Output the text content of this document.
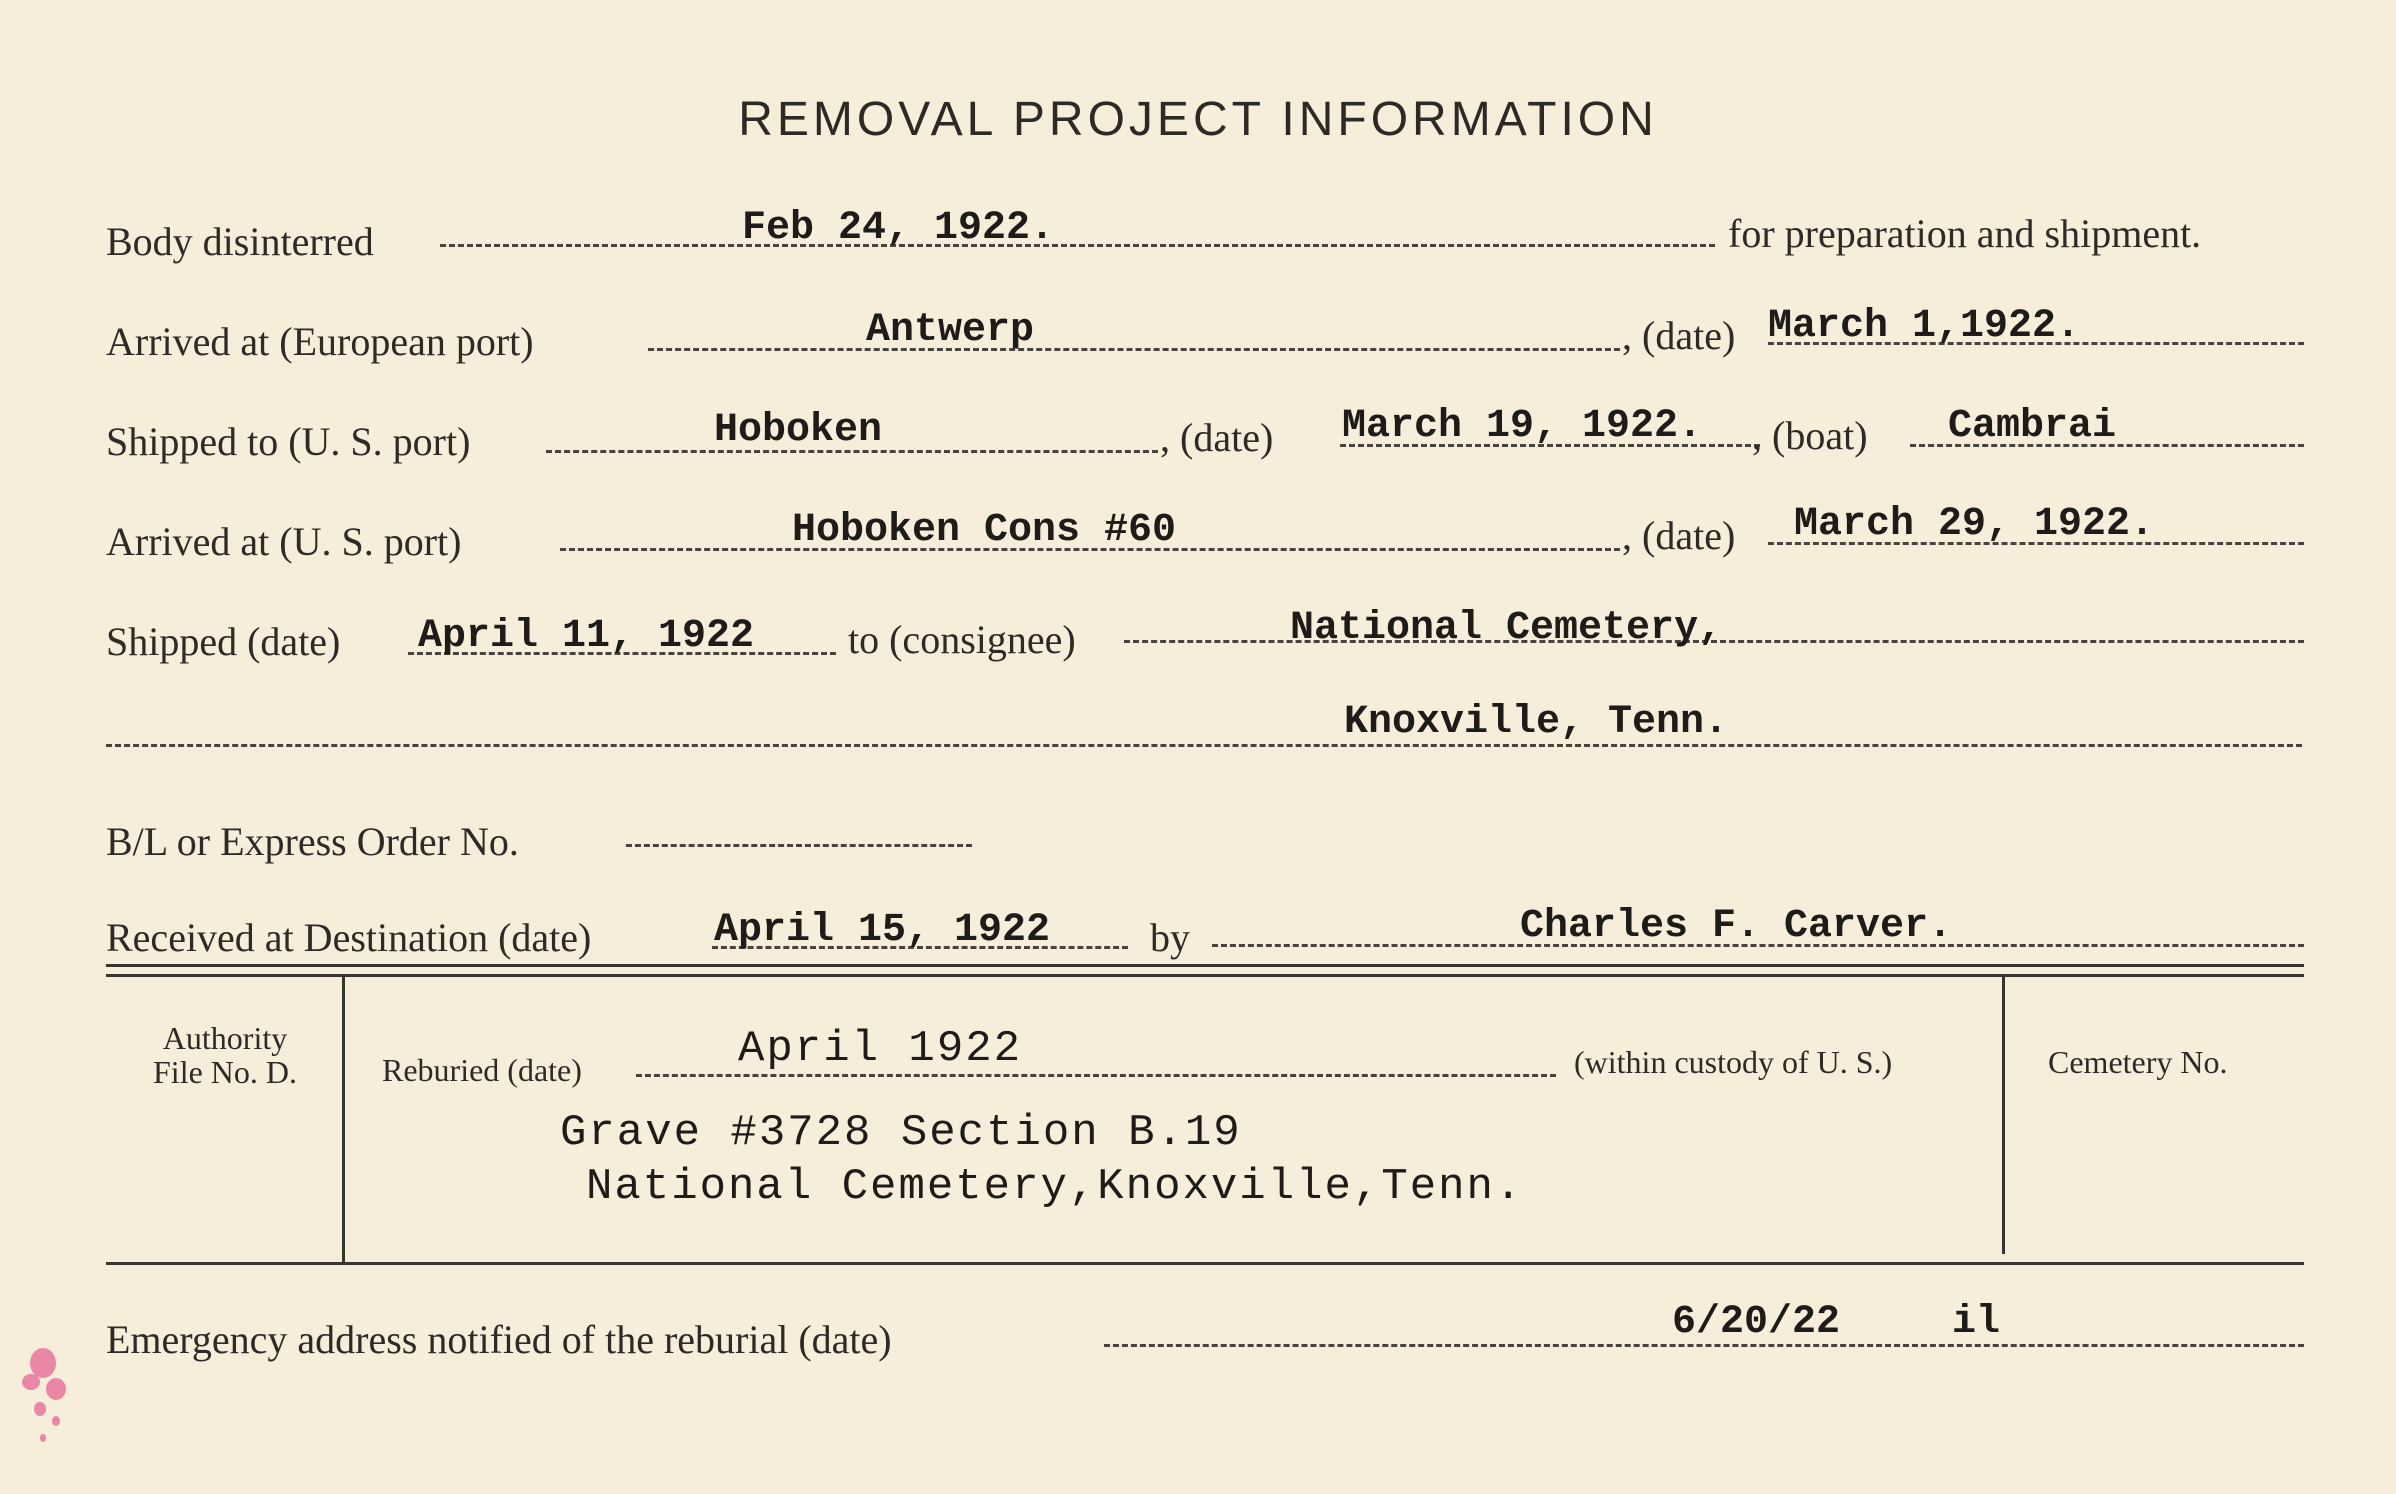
REMOVAL PROJECT INFORMATION
Body disinterred	Feb 24, 1922.	for preparation and shipment.
Arrived at (European port)	Antwerp	, (date) March 1,1922.
Shipped to (U. S. port)	Hoboken	, (date) March 19, 1922. , (boat) Cambrai
Arrived at (U. S. port)	Hoboken Cons #60	, (date) March 29, 1922.
Shipped (date) April 11, 1922 to (consignee)	National Cemetery,
Knoxville, Tenn.
B/L or Express Order No.
Received at Destination (date)	April 15, 1922 by	Charles F. Carver.
Authority
File No. D.	Reburied (date)	April 1922	(within custody of U. S.)	Cemetery No.
Grave #3728 Section B.19
National Cemetery,Knoxville,Tenn.
Emergency address notified of the reburial (date)	6/20/22	il
